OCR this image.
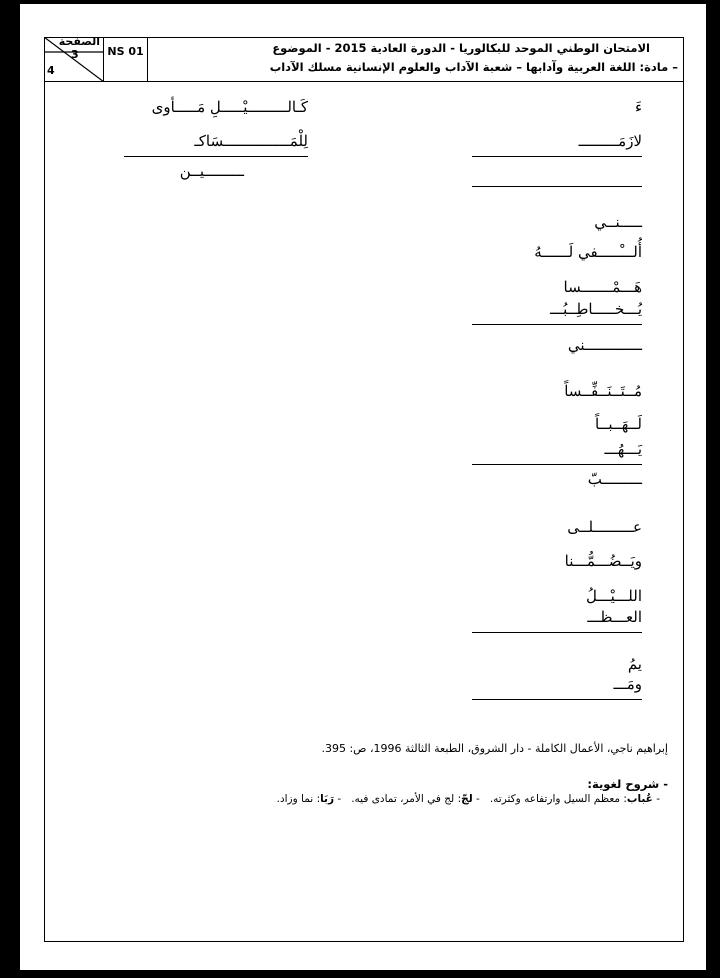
الصفحة
3
4
NS 01	الامتحان الوطني الموحد للبكالوريا - الدورة العادية 2015 - الموضوع
– مادة: اللغة العربية وآدابها – شعبة الآداب والعلوم الإنسانية مسلك الآداب
ءَ
لازَمَـــــــــ
ـــــنــي
أُلـــْـــــفي لَــــــهُ
هَـــمْـــــــسا
يُـــخـــــاطِــبُـــ
ـــــــــــــني
مُــتَــنَــفِّــساً
لَــهَــبــاً
يَـــهُـــ
ـــــــــبّ
عـــــــــلــى
ويَــضُـــمُّـــنا
اللـــيْـــلُ
العـــظـــ
يمُ
ومَـــ
كَـالـــــــــيْـــــلِ مَـــــأوى
لِلْمَـــــــــــــــسَاكـ
ـــــــــيــن
إبراهيم ناجي، الأعمال الكاملة - دار الشروق، الطبعة الثالثة 1996، ص: 395.
- شروح لغوية:
- عُباب: معظم السيل وارتفاعه وكثرته.   - لجّ: لج في الأمر، تمادى فيه.   - رَبَا: نما وزاد.
